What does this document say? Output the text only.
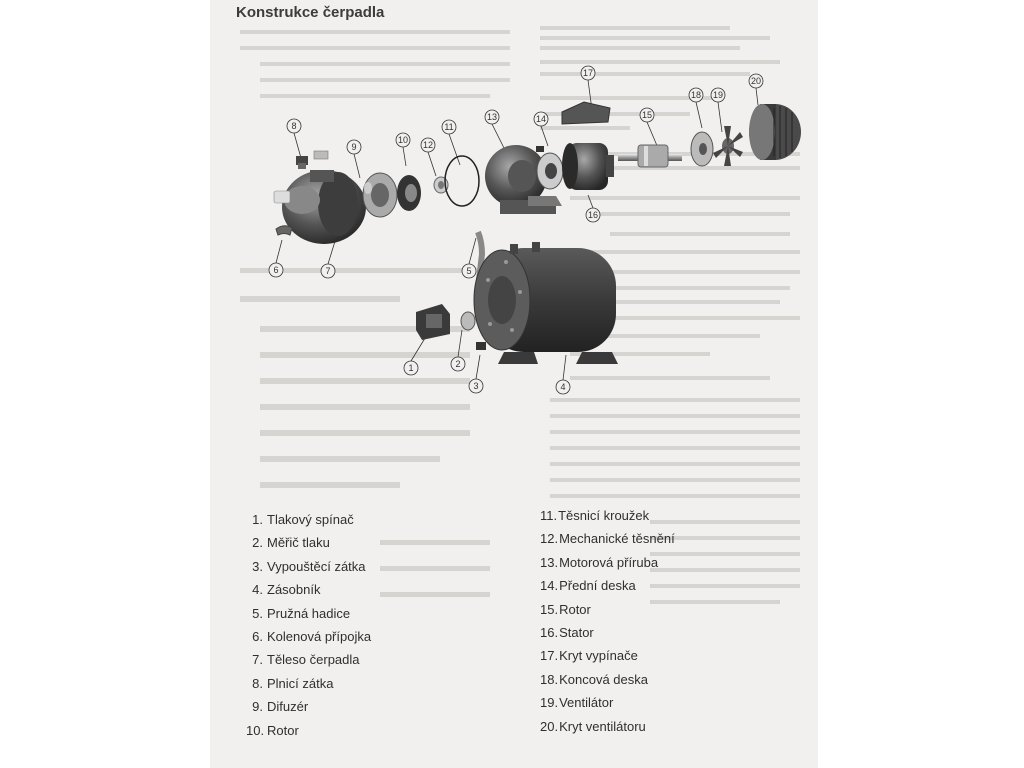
Konstrukce čerpadla
8
9
10 12
11
13	14
17
15
18 19
20
16
6	7	5
1	2
3	4
1. Tlakový spínač
2. Měřič tlaku
3. Vypouštěcí zátka
4. Zásobník
5. Pružná hadice
6. Kolenová přípojka
7. Těleso čerpadla
8. Plnicí zátka
9. Difuzér
10. Rotor
11.Těsnicí kroužek
12.Mechanické těsnění
13.Motorová příruba
14.Přední deska
15.Rotor
16.Stator
17.Kryt vypínače
18.Koncová deska
19.Ventilátor
20.Kryt ventilátoru
